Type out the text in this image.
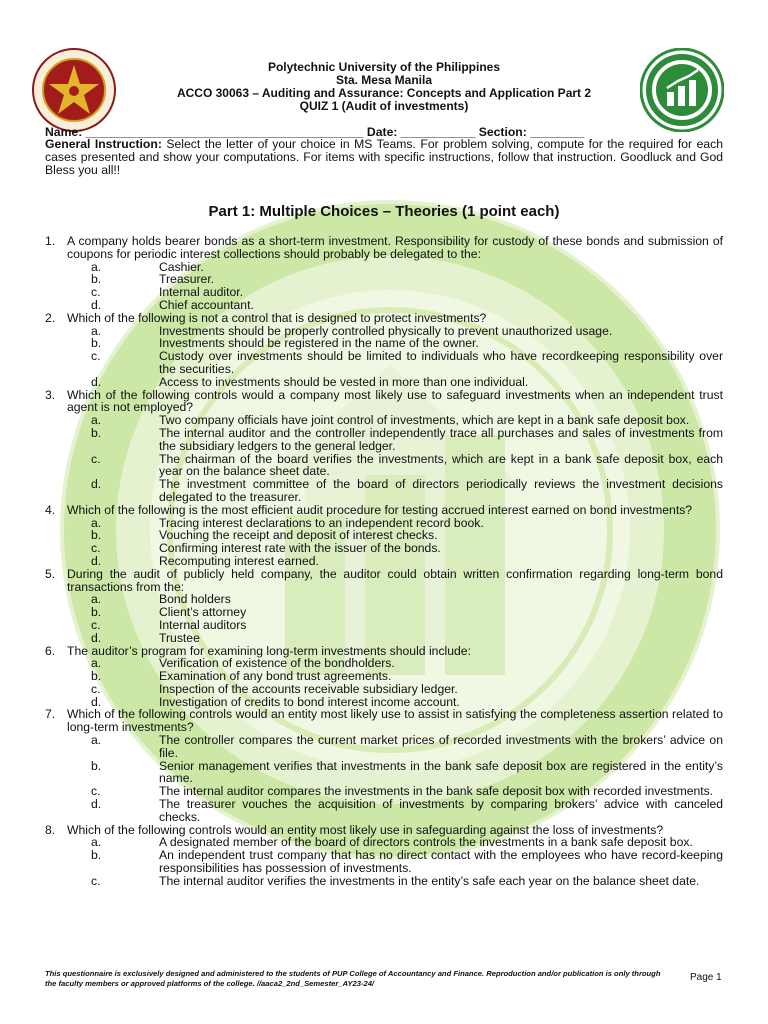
Polytechnic University of the Philippines
Sta. Mesa Manila
ACCO 30063 – Auditing and Assurance: Concepts and Application Part 2
QUIZ 1 (Audit of investments)
Name: _________________________________________ Date: ___________ Section: ________
General Instruction: Select the letter of your choice in MS Teams. For problem solving, compute for the required for each cases presented and show your computations. For items with specific instructions, follow that instruction. Goodluck and God Bless you all!!
Part 1: Multiple Choices – Theories (1 point each)
1. A company holds bearer bonds as a short-term investment. Responsibility for custody of these bonds and submission of coupons for periodic interest collections should probably be delegated to the:
a.	Cashier.
b.	Treasurer.
c.	Internal auditor.
d.	Chief accountant.
2. Which of the following is not a control that is designed to protect investments?
a.	Investments should be properly controlled physically to prevent unauthorized usage.
b.	Investments should be registered in the name of the owner.
c.	Custody over investments should be limited to individuals who have recordkeeping responsibility over the securities.
d.	Access to investments should be vested in more than one individual.
3. Which of the following controls would a company most likely use to safeguard investments when an independent trust agent is not employed?
a.	Two company officials have joint control of investments, which are kept in a bank safe deposit box.
b.	The internal auditor and the controller independently trace all purchases and sales of investments from the subsidiary ledgers to the general ledger.
c.	The chairman of the board verifies the investments, which are kept in a bank safe deposit box, each year on the balance sheet date.
d.	The investment committee of the board of directors periodically reviews the investment decisions delegated to the treasurer.
4. Which of the following is the most efficient audit procedure for testing accrued interest earned on bond investments?
a.	Tracing interest declarations to an independent record book.
b.	Vouching the receipt and deposit of interest checks.
c.	Confirming interest rate with the issuer of the bonds.
d.	Recomputing interest earned.
5. During the audit of publicly held company, the auditor could obtain written confirmation regarding long-term bond transactions from the:
a.	Bond holders
b.	Client’s attorney
c.	Internal auditors
d.	Trustee
6. The auditor’s program for examining long-term investments should include:
a.	Verification of existence of the bondholders.
b.	Examination of any bond trust agreements.
c.	Inspection of the accounts receivable subsidiary ledger.
d.	Investigation of credits to bond interest income account.
7. Which of the following controls would an entity most likely use to assist in satisfying the completeness assertion related to long-term investments?
a.	The controller compares the current market prices of recorded investments with the brokers’ advice on file.
b.	Senior management verifies that investments in the bank safe deposit box are registered in the entity’s name.
c.	The internal auditor compares the investments in the bank safe deposit box with recorded investments.
d.	The treasurer vouches the acquisition of investments by comparing brokers’ advice with canceled checks.
8. Which of the following controls would an entity most likely use in safeguarding against the loss of investments?
a.	A designated member of the board of directors controls the investments in a bank safe deposit box.
b.	An independent trust company that has no direct contact with the employees who have record-keeping responsibilities has possession of investments.
c.	The internal auditor verifies the investments in the entity’s safe each year on the balance sheet date.
This questionnaire is exclusively designed and administered to the students of PUP College of Accountancy and Finance. Reproduction and/or publication is only through the faculty members or approved platforms of the college. //aaca2_2nd_Semester_AY23-24/
Page 1
